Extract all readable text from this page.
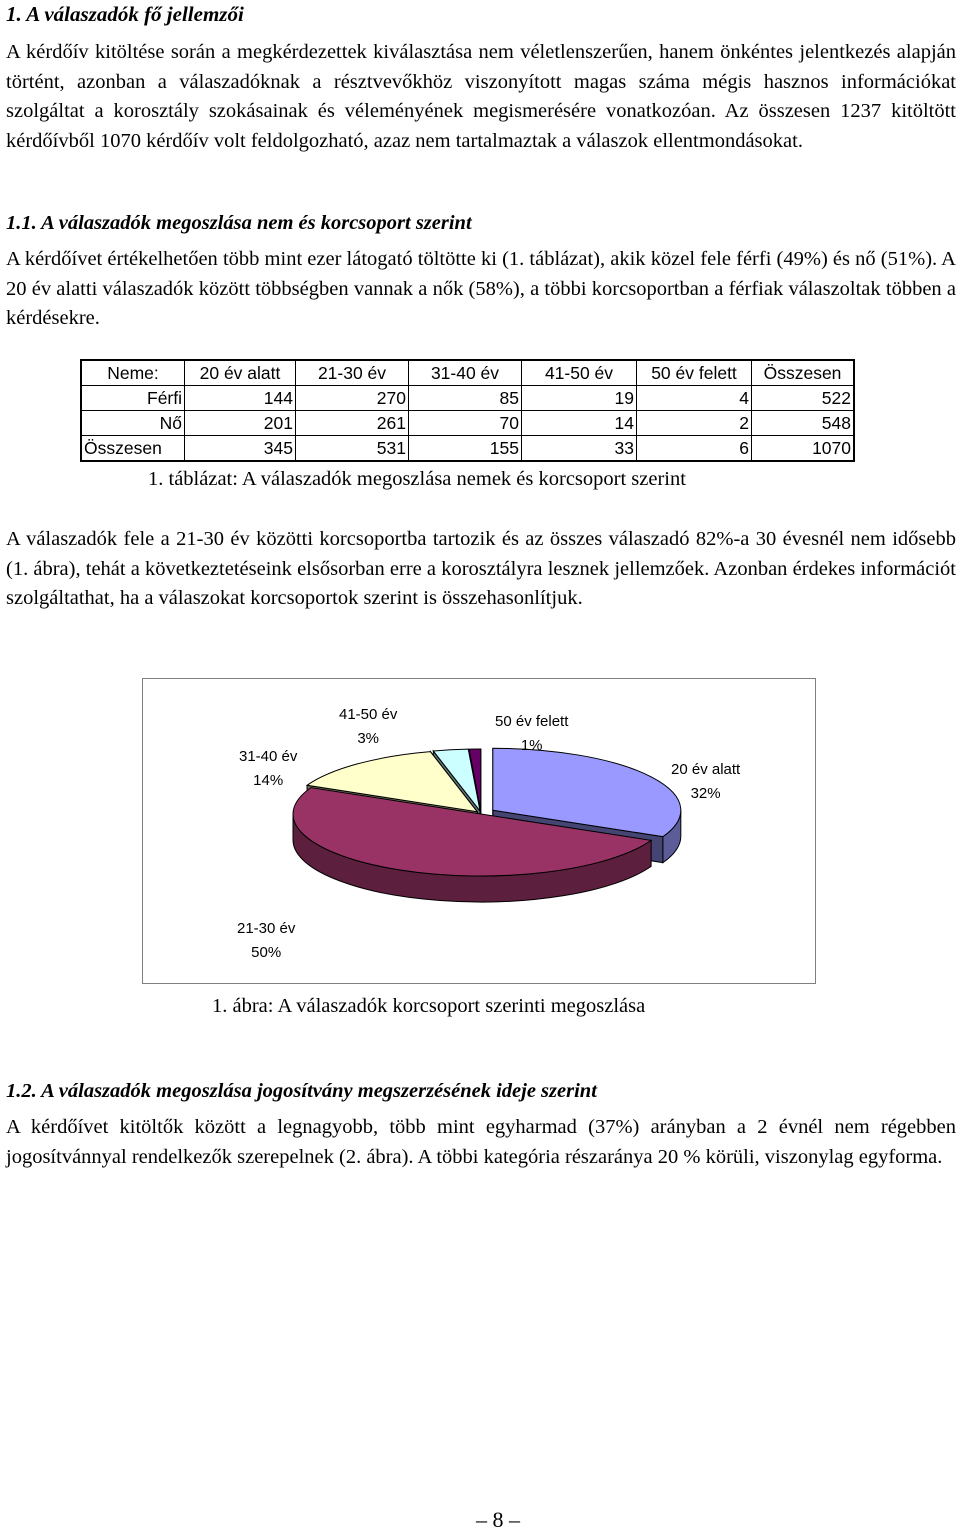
1. A válaszadók fő jellemzői
A kérdőív kitöltése során a megkérdezettek kiválasztása nem véletlenszerűen, hanem önkéntes jelentkezés alapján történt, azonban a válaszadóknak a résztvevőkhöz viszonyított magas száma mégis hasznos információkat szolgáltat a korosztály szokásainak és véleményének megismerésére vonatkozóan. Az összesen 1237 kitöltött kérdőívből 1070 kérdőív volt feldolgozható, azaz nem tartalmaztak a válaszok ellentmondásokat.
1.1. A válaszadók megoszlása nem és korcsoport szerint
A kérdőívet értékelhetően több mint ezer látogató töltötte ki (1. táblázat), akik közel fele férfi (49%) és nő (51%). A 20 év alatti válaszadók között többségben vannak a nők (58%), a többi korcsoportban a férfiak válaszoltak többen a kérdésekre.
Neme:	20 év alatt	21-30 év	31-40 év	41-50 év	50 év felett	Összesen
Férfi	144	270	85	19	4	522
Nő	201	261	70	14	2	548
Összesen	345	531	155	33	6	1070
1. táblázat: A válaszadók megoszlása nemek és korcsoport szerint
A válaszadók fele a 21-30 év közötti korcsoportba tartozik és az összes válaszadó 82%-a 30 évesnél nem idősebb (1. ábra), tehát a következtetéseink elsősorban erre a korosztályra lesznek jellemzőek. Azonban érdekes információt szolgáltathat, ha a válaszokat korcsoportok szerint is összehasonlítjuk.
31-40 év
14%
41-50 év
3%
50 év felett
1%
20 év alatt
32%
21-30 év
50%
1. ábra: A válaszadók korcsoport szerinti megoszlása
1.2. A válaszadók megoszlása jogosítvány megszerzésének ideje szerint
A kérdőívet kitöltők között a legnagyobb, több mint egyharmad (37%) arányban a 2 évnél nem régebben jogosítvánnyal rendelkezők szerepelnek (2. ábra). A többi kategória részaránya 20 % körüli, viszonylag egyforma.
– 8 –
